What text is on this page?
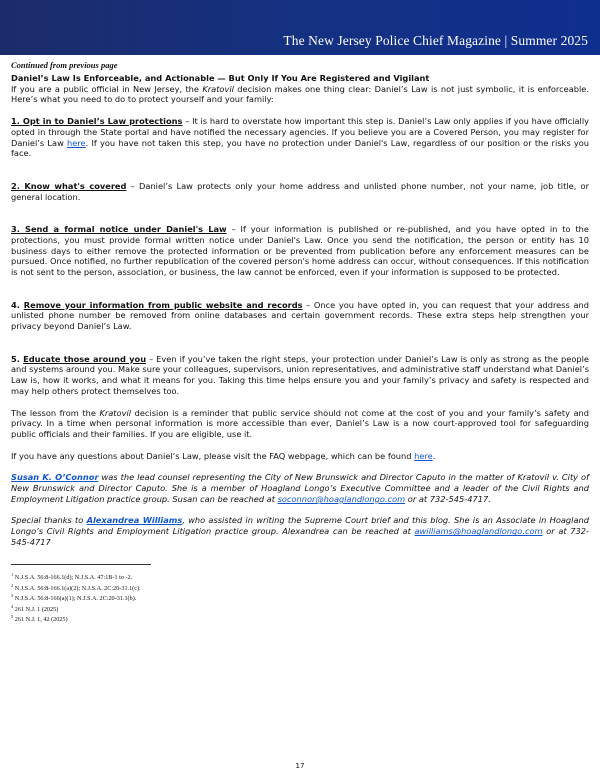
The New Jersey Police Chief Magazine | Summer 2025

Continued from previous page

Daniel’s Law Is Enforceable, and Actionable — But Only If You Are Registered and Vigilant

If you are a public official in New Jersey, the Kratovil decision makes one thing clear: Daniel’s Law is not just symbolic, it is enforceable. Here’s what you need to do to protect yourself and your family:

1. Opt in to Daniel’s Law protections – It is hard to overstate how important this step is. Daniel’s Law only applies if you have officially opted in through the State portal and have notified the necessary agencies. If you believe you are a Covered Person, you may register for Daniel’s Law here. If you have not taken this step, you have no protection under Daniel's Law, regardless of our position or the risks you face.

2. Know what's covered – Daniel’s Law protects only your home address and unlisted phone number, not your name, job title, or general location.

3. Send a formal notice under Daniel's Law – If your information is published or re-published, and you have opted in to the protections, you must provide formal written notice under Daniel's Law. Once you send the notification, the person or entity has 10 business days to either remove the protected information or be prevented from publication before any enforcement measures can be pursued. Once notified, no further republication of the covered person's home address can occur, without consequences. If this notification is not sent to the person, association, or business, the law cannot be enforced, even if your information is supposed to be protected.

4. Remove your information from public website and records – Once you have opted in, you can request that your address and unlisted phone number be removed from online databases and certain government records. These extra steps help strengthen your privacy beyond Daniel’s Law.

5. Educate those around you – Even if you’ve taken the right steps, your protection under Daniel’s Law is only as strong as the people and systems around you. Make sure your colleagues, supervisors, union representatives, and administrative staff understand what Daniel’s Law is, how it works, and what it means for you. Taking this time helps ensure you and your family’s privacy and safety is respected and may help others protect themselves too.

The lesson from the Kratovil decision is a reminder that public service should not come at the cost of you and your family’s safety and privacy. In a time when personal information is more accessible than ever, Daniel’s Law is a now court-approved tool for safeguarding public officials and their families. If you are eligible, use it.

If you have any questions about Daniel’s Law, please visit the FAQ webpage, which can be found here.

Susan K. O’Connor was the lead counsel representing the City of New Brunswick and Director Caputo in the matter of Kratovil v. City of New Brunswick and Director Caputo. She is a member of Hoagland Longo’s Executive Committee and a leader of the Civil Rights and Employment Litigation practice group. Susan can be reached at soconnor@hoaglandlongo.com or at 732-545-4717.

Special thanks to Alexandrea Williams, who assisted in writing the Supreme Court brief and this blog. She is an Associate in Hoagland Longo’s Civil Rights and Employment Litigation practice group. Alexandrea can be reached at awilliams@hoaglandlongo.com or at 732-545-4717

$^1$ N.J.S.A. 56:8-166.1(d); N.J.S.A. 47:1B-1 to -2.
$^2$ N.J.S.A. 56:8-166.1(a)(2); N.J.S.A. 2C:20-31.1(c).
$^3$ N.J.S.A. 56:8-166(a)(1); N.J.S.A. 2C:20-31.1(b).
$^4$ 261 N.J. 1 (2025)
$^5$ 261 N.J. 1, 42 (2025)
17
